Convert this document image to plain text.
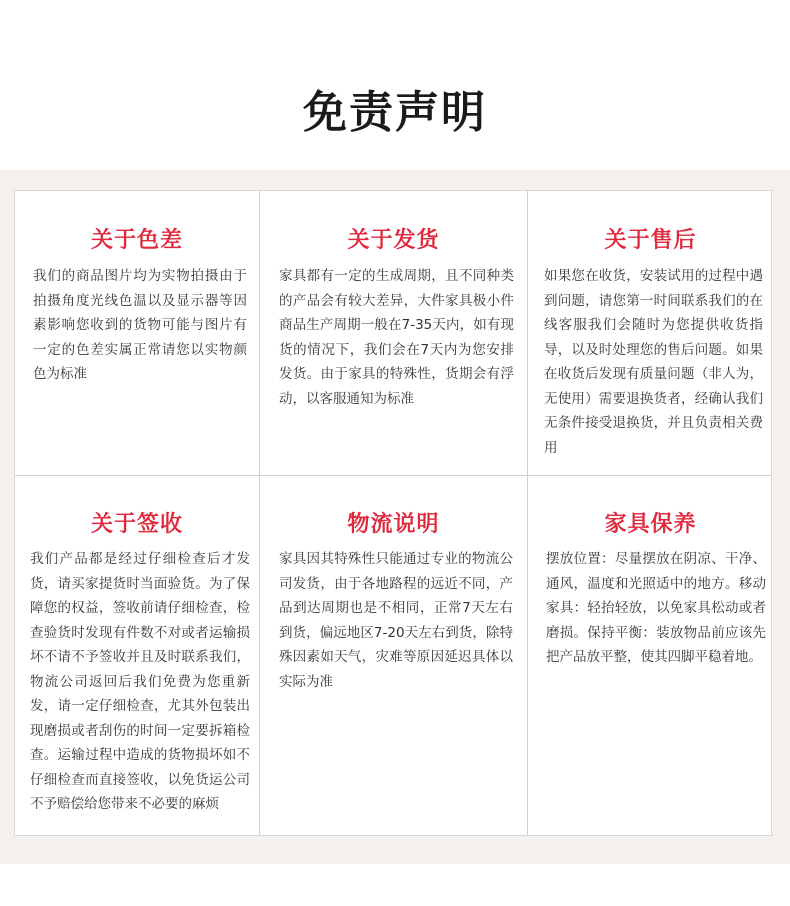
免责声明
关于色差
我们的商品图片均为实物拍摄由于拍摄角度光线色温以及显示器等因素影响您收到的货物可能与图片有一定的色差实属正常请您以实物颜色为标准
关于发货
家具都有一定的生成周期，且不同种类的产品会有较大差异，大件家具极小件商品生产周期一般在7-35天内，如有现货的情况下，我们会在7天内为您安排发货。由于家具的特殊性，货期会有浮动，以客服通知为标准
关于售后
如果您在收货，安装试用的过程中遇到问题，请您第一时间联系我们的在线客服我们会随时为您提供收货指导，以及时处理您的售后问题。如果在收货后发现有质量问题（非人为，无使用）需要退换货者，经确认我们无条件接受退换货，并且负责相关费用
关于签收
我们产品都是经过仔细检查后才发货，请买家提货时当面验货。为了保障您的权益，签收前请仔细检查，检查验货时发现有件数不对或者运输损坏不请不予签收并且及时联系我们，物流公司返回后我们免费为您重新发，请一定仔细检查，尤其外包装出现磨损或者刮伤的时间一定要拆箱检查。运输过程中造成的货物损坏如不仔细检查而直接签收，以免货运公司不予赔偿给您带来不必要的麻烦
物流说明
家具因其特殊性只能通过专业的物流公司发货，由于各地路程的远近不同，产品到达周期也是不相同，正常7天左右到货，偏远地区7-20天左右到货，除特殊因素如天气，灾难等原因延迟具体以实际为准
家具保养
摆放位置：尽量摆放在阴凉、干净、通风，温度和光照适中的地方。移动家具：轻抬轻放，以免家具松动或者磨损。保持平衡：装放物品前应该先把产品放平整，使其四脚平稳着地。
